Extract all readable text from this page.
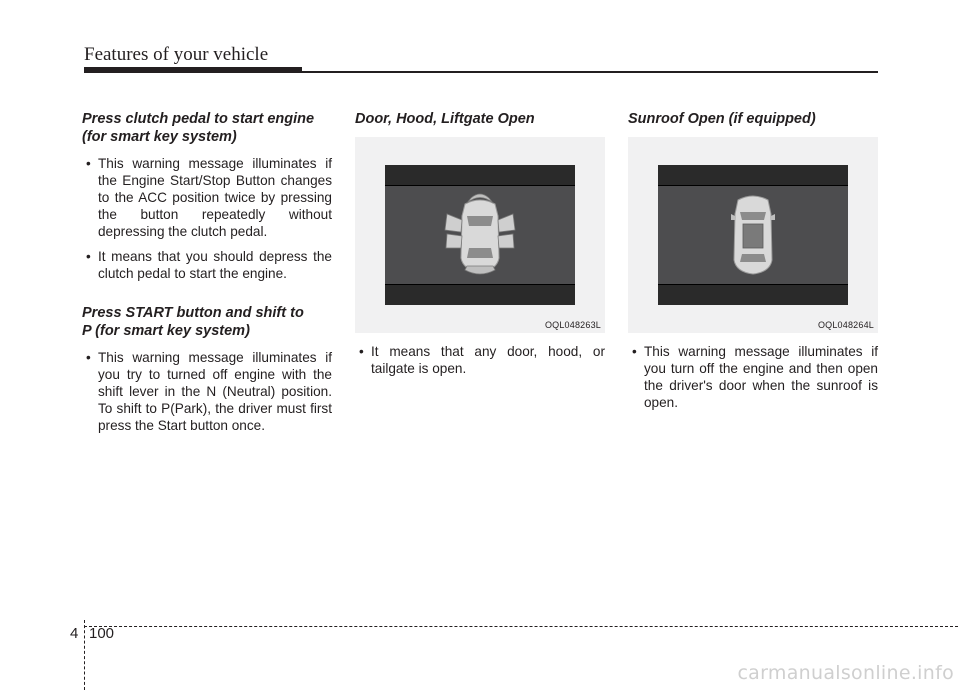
Features of your vehicle
Press clutch pedal to start engine
(for smart key system)
• This warning message illuminates if the Engine Start/Stop Button changes to the ACC position twice by pressing the button repeatedly without depressing the clutch pedal.
• It means that you should depress the clutch pedal to start the engine.
Press START button and shift to
P (for smart key system)
• This warning message illuminates if you try to turned off engine with the shift lever in the N (Neutral) position. To shift to P(Park), the driver must first press the Start button once.
Door, Hood, Liftgate Open
OQL048263L
• It means that any door, hood, or tailgate is open.
Sunroof Open (if equipped)
OQL048264L
• This warning message illuminates if you turn off the engine and then open the driver's door when the sunroof is open.
4 100
carmanualsonline.info
